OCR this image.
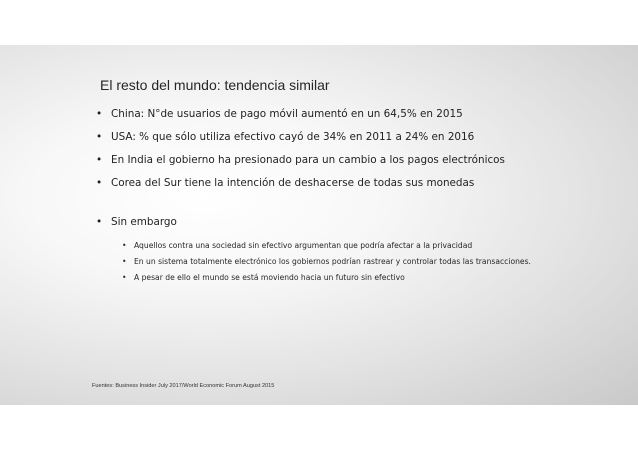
El resto del mundo: tendencia similar
• China: N°de usuarios de pago móvil aumentó en un 64,5% en 2015
• USA: % que sólo utiliza efectivo cayó de 34% en 2011 a 24% en 2016
• En India el gobierno ha presionado para un cambio a los pagos electrónicos
• Corea del Sur tiene la intención de deshacerse de todas sus monedas
• Sin embargo
• Aquellos contra una sociedad sin efectivo argumentan que podría afectar a la privacidad
• En un sistema totalmente electrónico los gobiernos podrían rastrear y controlar todas las transacciones.
• A pesar de ello el mundo se está moviendo hacia un futuro sin efectivo
Fuentes: Business Insider July 2017/World Economic Forum August 2015
